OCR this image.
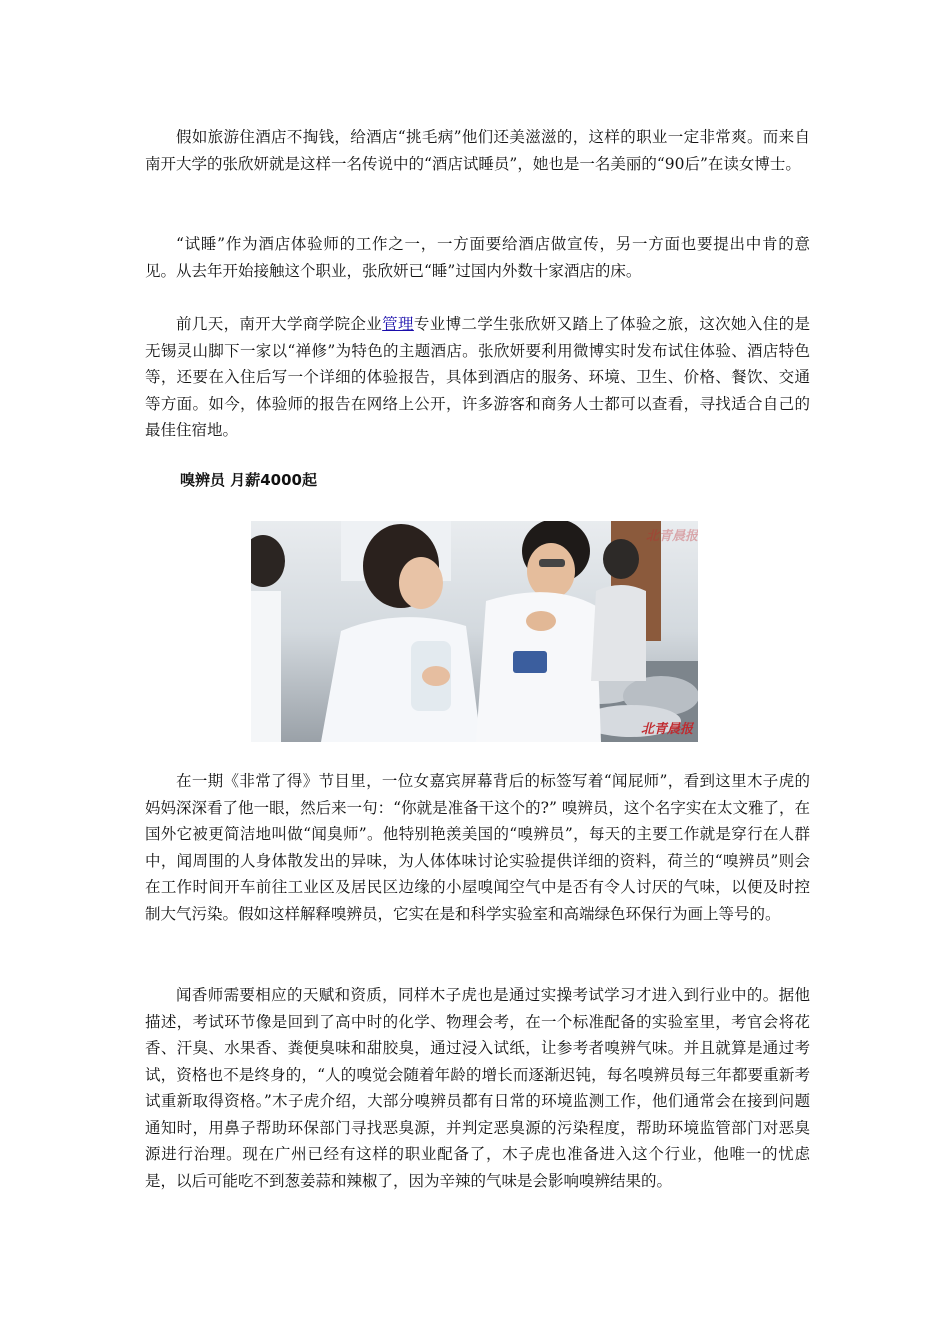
假如旅游住酒店不掏钱，给酒店“挑毛病”他们还美滋滋的，这样的职业一定非常爽。而来自南开大学的张欣妍就是这样一名传说中的“酒店试睡员”，她也是一名美丽的“90后”在读女博士。

“试睡”作为酒店体验师的工作之一，一方面要给酒店做宣传，另一方面也要提出中肯的意见。从去年开始接触这个职业，张欣妍已“睡”过国内外数十家酒店的床。

前几天，南开大学商学院企业管理专业博二学生张欣妍又踏上了体验之旅，这次她入住的是无锡灵山脚下一家以“禅修”为特色的主题酒店。张欣妍要利用微博实时发布试住体验、酒店特色等，还要在入住后写一个详细的体验报告，具体到酒店的服务、环境、卫生、价格、餐饮、交通等方面。如今，体验师的报告在网络上公开，许多游客和商务人士都可以查看，寻找适合自己的最佳住宿地。

嗅辨员 月薪4000起
北青晨报
北青晨报

在一期《非常了得》节目里，一位女嘉宾屏幕背后的标签写着“闻屁师”，看到这里木子虎的妈妈深深看了他一眼，然后来一句：“你就是准备干这个的?” 嗅辨员，这个名字实在太文雅了，在国外它被更简洁地叫做“闻臭师”。他特别艳羡美国的“嗅辨员”，每天的主要工作就是穿行在人群中，闻周围的人身体散发出的异味，为人体体味讨论实验提供详细的资料，荷兰的“嗅辨员”则会在工作时间开车前往工业区及居民区边缘的小屋嗅闻空气中是否有令人讨厌的气味，以便及时控制大气污染。假如这样解释嗅辨员，它实在是和科学实验室和高端绿色环保行为画上等号的。

闻香师需要相应的天赋和资质，同样木子虎也是通过实操考试学习才进入到行业中的。据他描述，考试环节像是回到了高中时的化学、物理会考，在一个标准配备的实验室里，考官会将花香、汗臭、水果香、粪便臭味和甜胶臭，通过浸入试纸，让参考者嗅辨气味。并且就算是通过考试，资格也不是终身的，“人的嗅觉会随着年龄的增长而逐渐迟钝，每名嗅辨员每三年都要重新考试重新取得资格。”木子虎介绍，大部分嗅辨员都有日常的环境监测工作，他们通常会在接到问题通知时，用鼻子帮助环保部门寻找恶臭源，并判定恶臭源的污染程度，帮助环境监管部门对恶臭源进行治理。现在广州已经有这样的职业配备了，木子虎也准备进入这个行业，他唯一的忧虑是，以后可能吃不到葱姜蒜和辣椒了，因为辛辣的气味是会影响嗅辨结果的。
